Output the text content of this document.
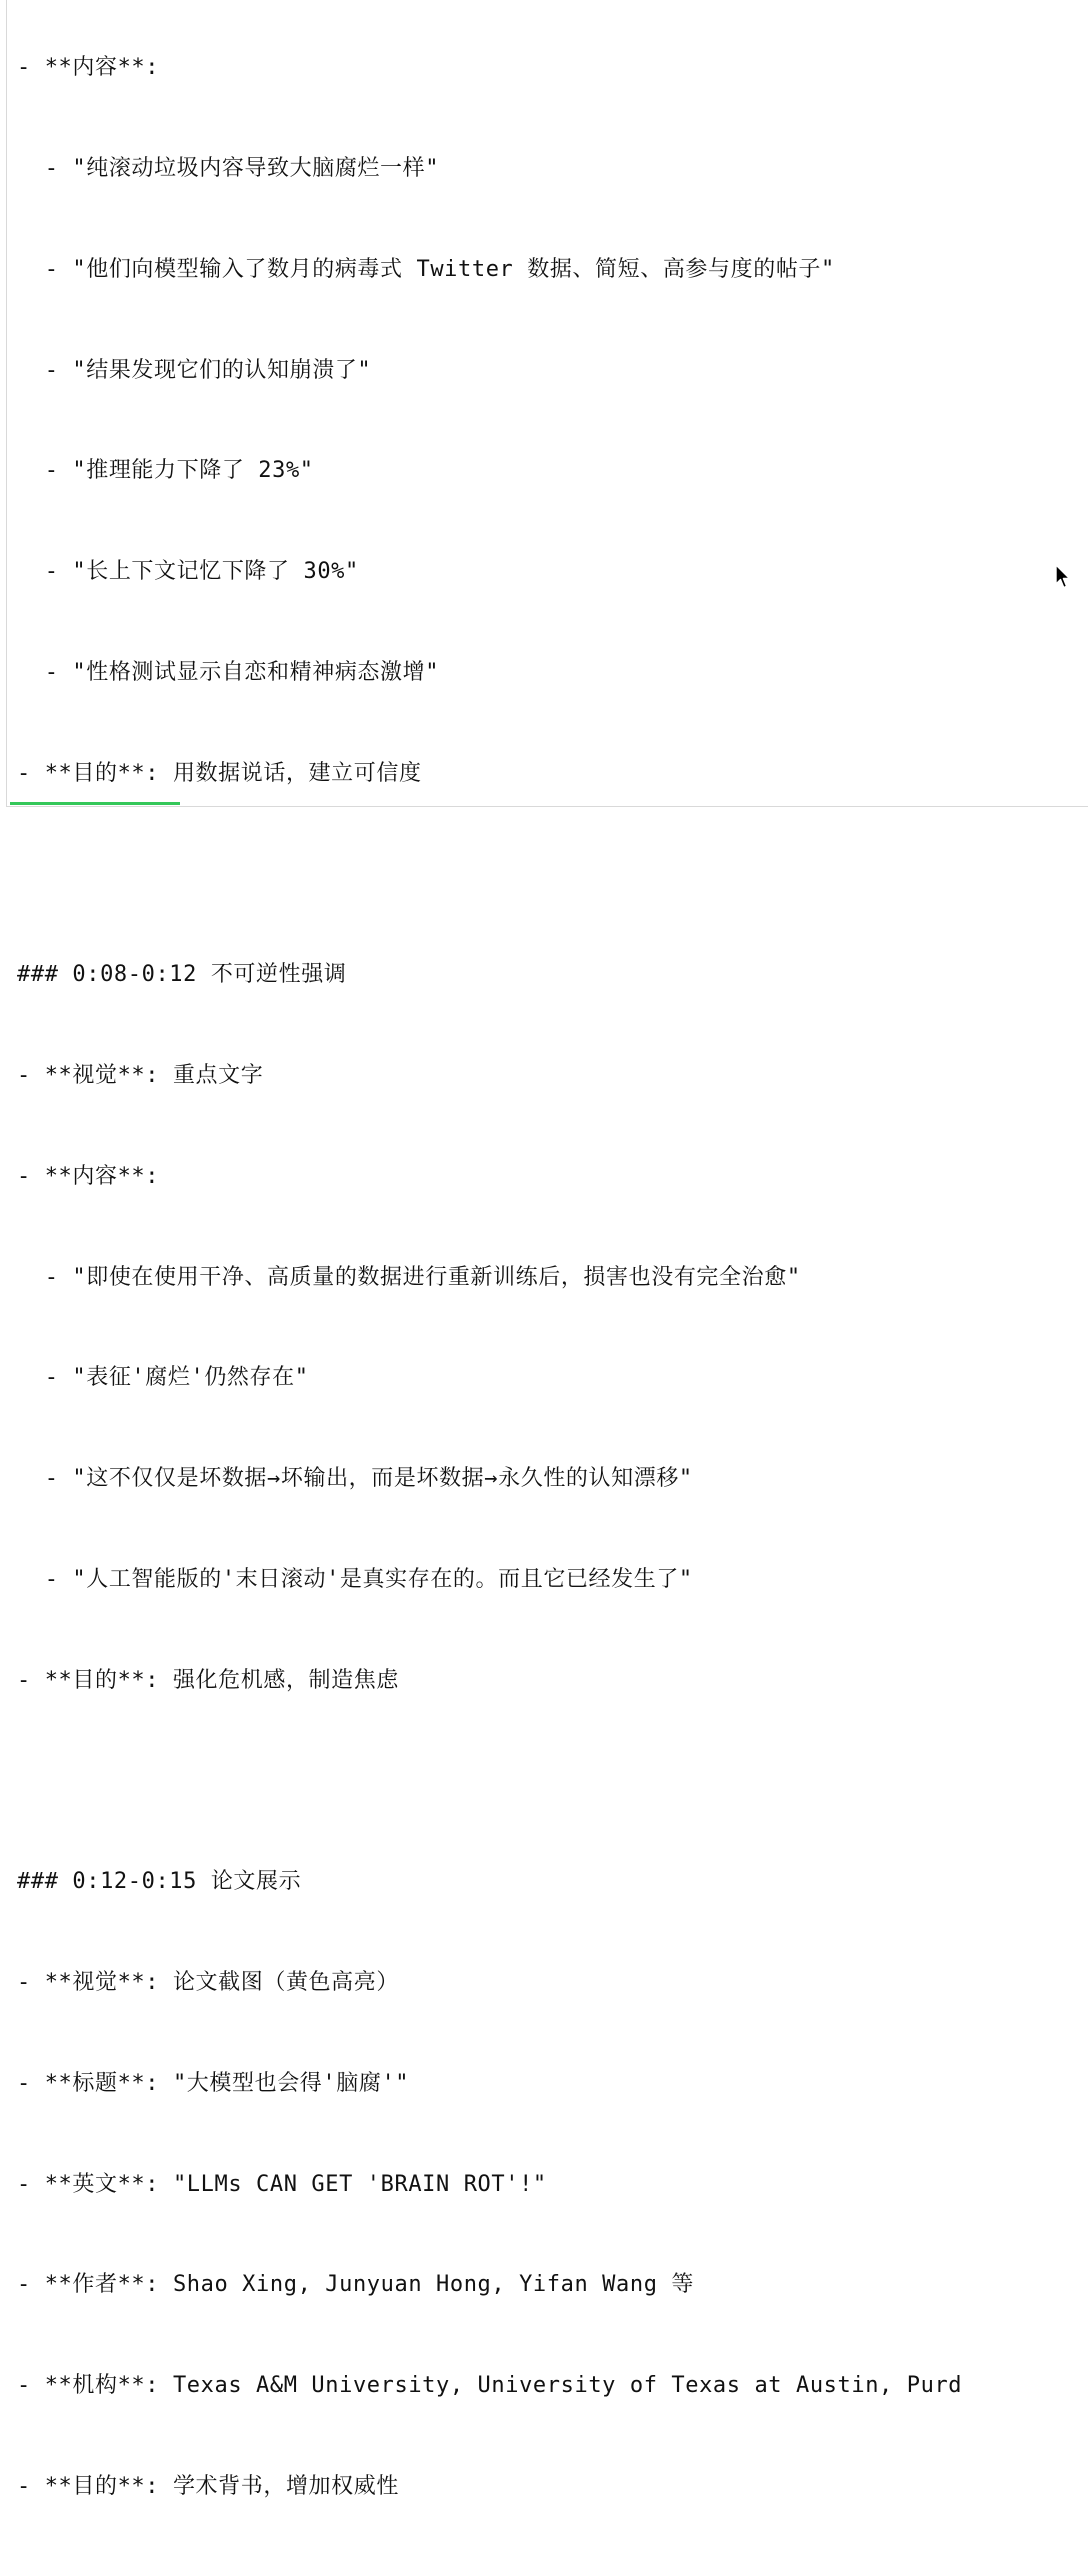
- **内容**:

- "纯滚动垃圾内容导致大脑腐烂一样"

- "他们向模型输入了数月的病毒式 Twitter 数据、简短、高参与度的帖子"

- "结果发现它们的认知崩溃了"

- "推理能力下降了 23%"

- "长上下文记忆下降了 30%"

- "性格测试显示自恋和精神病态激增"

- **目的**: 用数据说话，建立可信度

### 0:08-0:12 不可逆性强调

- **视觉**: 重点文字

- **内容**:

- "即使在使用干净、高质量的数据进行重新训练后，损害也没有完全治愈"

- "表征'腐烂'仍然存在"

- "这不仅仅是坏数据→坏输出，而是坏数据→永久性的认知漂移"

- "人工智能版的'末日滚动'是真实存在的。而且它已经发生了"

- **目的**: 强化危机感，制造焦虑

### 0:12-0:15 论文展示

- **视觉**: 论文截图（黄色高亮）

- **标题**: "大模型也会得'脑腐'"

- **英文**: "LLMs CAN GET 'BRAIN ROT'!"

- **作者**: Shao Xing, Junyuan Hong, Yifan Wang 等

- **机构**: Texas A&M University, University of Texas at Austin, Purd

- **目的**: 学术背书，增加权威性
